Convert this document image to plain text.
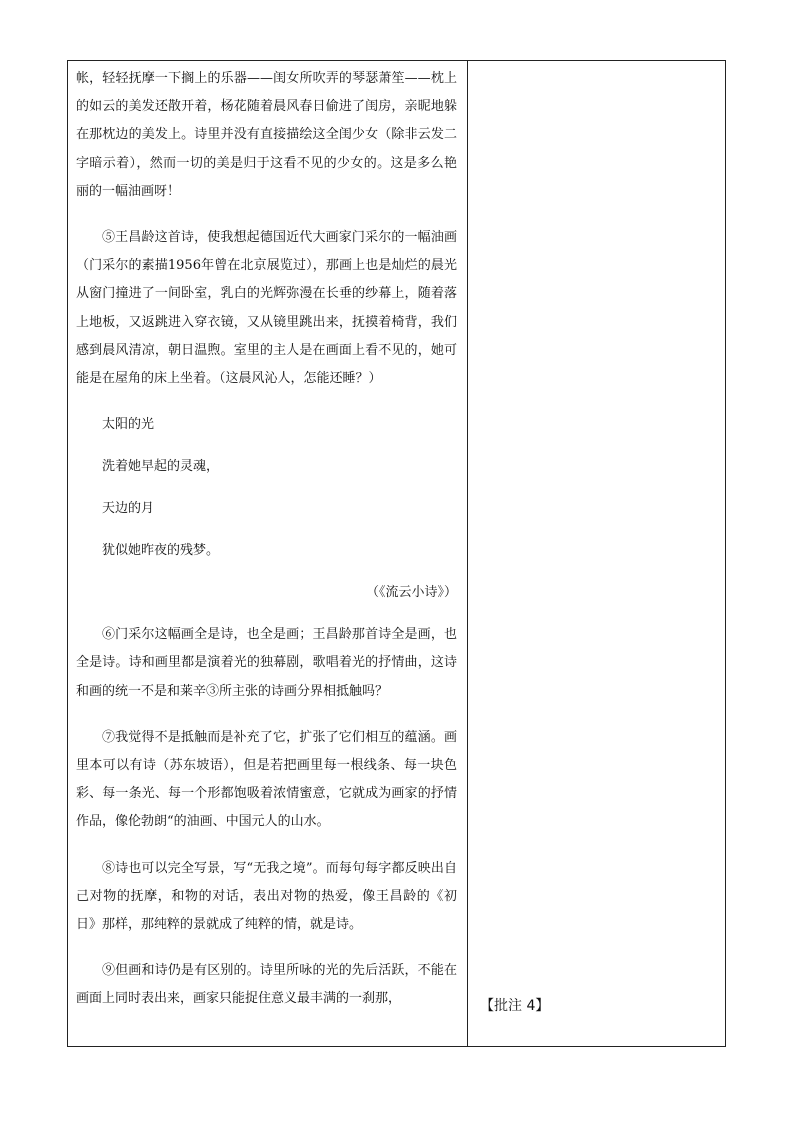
帐，轻轻抚摩一下搁上的乐器——闺女所吹弄的琴瑟萧笙——枕上的如云的美发还散开着，杨花随着晨风春日偷进了闺房，亲昵地躲在那枕边的美发上。诗里并没有直接描绘这全闺少女（除非云发二字暗示着），然而一切的美是归于这看不见的少女的。这是多么艳丽的一幅油画呀！

⑤王昌龄这首诗，使我想起德国近代大画家门采尔的一幅油画（门采尔的素描1956年曾在北京展览过），那画上也是灿烂的晨光从窗门撞进了一间卧室，乳白的光辉弥漫在长垂的纱幕上，随着落上地板，又返跳进入穿衣镜，又从镜里跳出来，抚摸着椅背，我们感到晨风清凉，朝日温煦。室里的主人是在画面上看不见的，她可能是在屋角的床上坐着。（这晨风沁人，怎能还睡？）

太阳的光

洗着她早起的灵魂，

天边的月

犹似她昨夜的残梦。

（《流云小诗》）

⑥门采尔这幅画全是诗，也全是画；王昌龄那首诗全是画，也全是诗。诗和画里都是演着光的独幕剧，歌唱着光的抒情曲，这诗和画的统一不是和莱辛③所主张的诗画分界相抵触吗？

⑦我觉得不是抵触而是补充了它，扩张了它们相互的蕴涵。画里本可以有诗（苏东坡语），但是若把画里每一根线条、每一块色彩、每一条光、每一个形都饱吸着浓情蜜意，它就成为画家的抒情作品，像伦勃朗“的油画、中国元人的山水。

⑧诗也可以完全写景，写“无我之境”。而每句每字都反映出自己对物的抚摩，和物的对话，表出对物的热爱，像王昌龄的《初日》那样，那纯粹的景就成了纯粹的情，就是诗。

⑨但画和诗仍是有区别的。诗里所咏的光的先后活跃，不能在画面上同时表出来，画家只能捉住意义最丰满的一刹那，	【批注 4】
